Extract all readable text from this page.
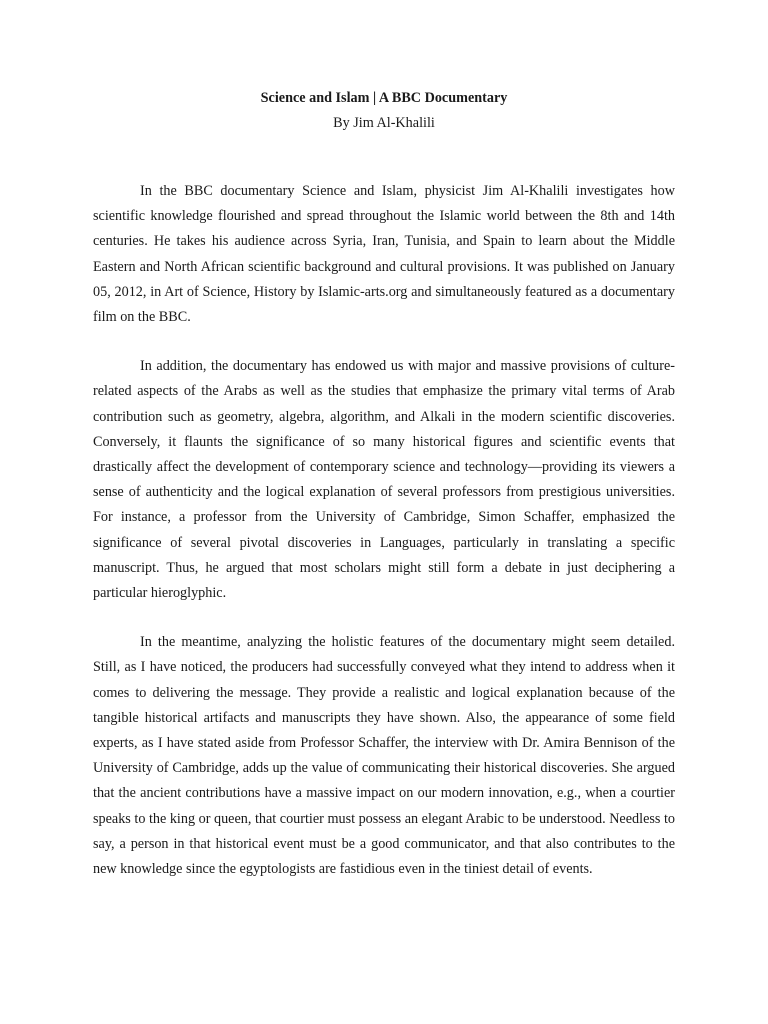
Science and Islam | A BBC Documentary

By Jim Al-Khalili

In the BBC documentary Science and Islam, physicist Jim Al-Khalili investigates how scientific knowledge flourished and spread throughout the Islamic world between the 8th and 14th centuries. He takes his audience across Syria, Iran, Tunisia, and Spain to learn about the Middle Eastern and North African scientific background and cultural provisions. It was published on January 05, 2012, in Art of Science, History by Islamic-arts.org and simultaneously featured as a documentary film on the BBC.

In addition, the documentary has endowed us with major and massive provisions of culture-related aspects of the Arabs as well as the studies that emphasize the primary vital terms of Arab contribution such as geometry, algebra, algorithm, and Alkali in the modern scientific discoveries. Conversely, it flaunts the significance of so many historical figures and scientific events that drastically affect the development of contemporary science and technology—providing its viewers a sense of authenticity and the logical explanation of several professors from prestigious universities. For instance, a professor from the University of Cambridge, Simon Schaffer, emphasized the significance of several pivotal discoveries in Languages, particularly in translating a specific manuscript. Thus, he argued that most scholars might still form a debate in just deciphering a particular hieroglyphic.

In the meantime, analyzing the holistic features of the documentary might seem detailed. Still, as I have noticed, the producers had successfully conveyed what they intend to address when it comes to delivering the message. They provide a realistic and logical explanation because of the tangible historical artifacts and manuscripts they have shown. Also, the appearance of some field experts, as I have stated aside from Professor Schaffer, the interview with Dr. Amira Bennison of the University of Cambridge, adds up the value of communicating their historical discoveries. She argued that the ancient contributions have a massive impact on our modern innovation, e.g., when a courtier speaks to the king or queen, that courtier must possess an elegant Arabic to be understood. Needless to say, a person in that historical event must be a good communicator, and that also contributes to the new knowledge since the egyptologists are fastidious even in the tiniest detail of events.
